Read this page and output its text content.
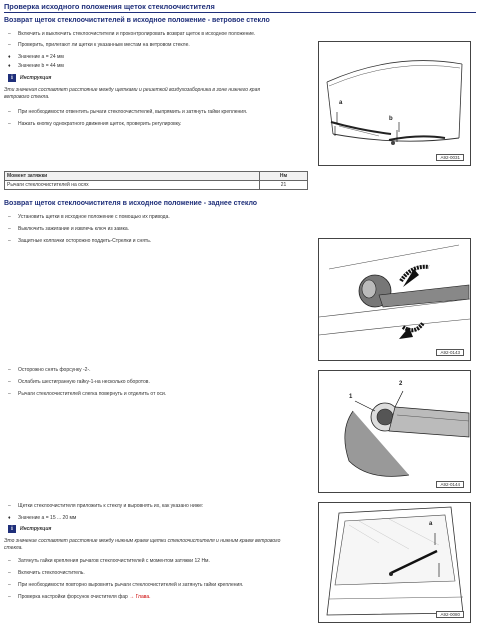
Проверка исходного положения щеток стеклоочистителя
Возврат щеток стеклоочистителей в исходное положение - ветровое стекло
– Включить и выключить стеклоочистители и проконтролировать возврат щеток в исходное положение.
– Проверить, прилегают ли щетки к указанным местам на ветровом стекле.
♦ Значение a = 24 мм
♦ Значение b = 44 мм
i	Инструкция
Эти значения составляет расстояние между щетками и решеткой воздухозаборника в зоне нижнего края
ветрового стекла.
– При необходимости отвентить рычаги стеклоочистителей, выпрямить и затянуть гайки крепления.
– Нажать кнопку однократного движения щеток, проверить регулировку.
a
b
A92-0031
Момент затяжки	Нм
Рычаги стеклоочистителей на осях	21
Возврат щеток стеклоочистителя в исходное положение - заднее стекло
– Установить щетки в исходное положение с помощью их привода.
– Выключить зажигание и извлечь ключ из замка.
– Защитные колпачки осторожно поддеть-Стрелки и снять.
A92-0143
– Осторожно снять форсунку -2-.
– Ослабить шестигранную гайку-1-на несколько оборотов.
– Рычаги стеклоочистителей слегка повернуть и отделить от оси.	1
2
A92-0144
– Щетки стеклоочистителя приложить к стеклу и выровнять их, как указано ниже:
♦ Значение a = 15 ... 20 мм
i	Инструкция
Это значение составляет расстояние между нижним краем щетки стеклоочистителя и нижним краем ветрового
стекла.
– Затянуть гайки крепления рычагов стеклоочистителей с моментом затяжки 12 Нм.
– Включить стеклоочиститель.
– При необходимости повторно выровнять рычаги стеклоочистителей и затянуть гайки крепления.
– Проверка настройки форсунок очистителя фар → Глава.
a
A92-0080
